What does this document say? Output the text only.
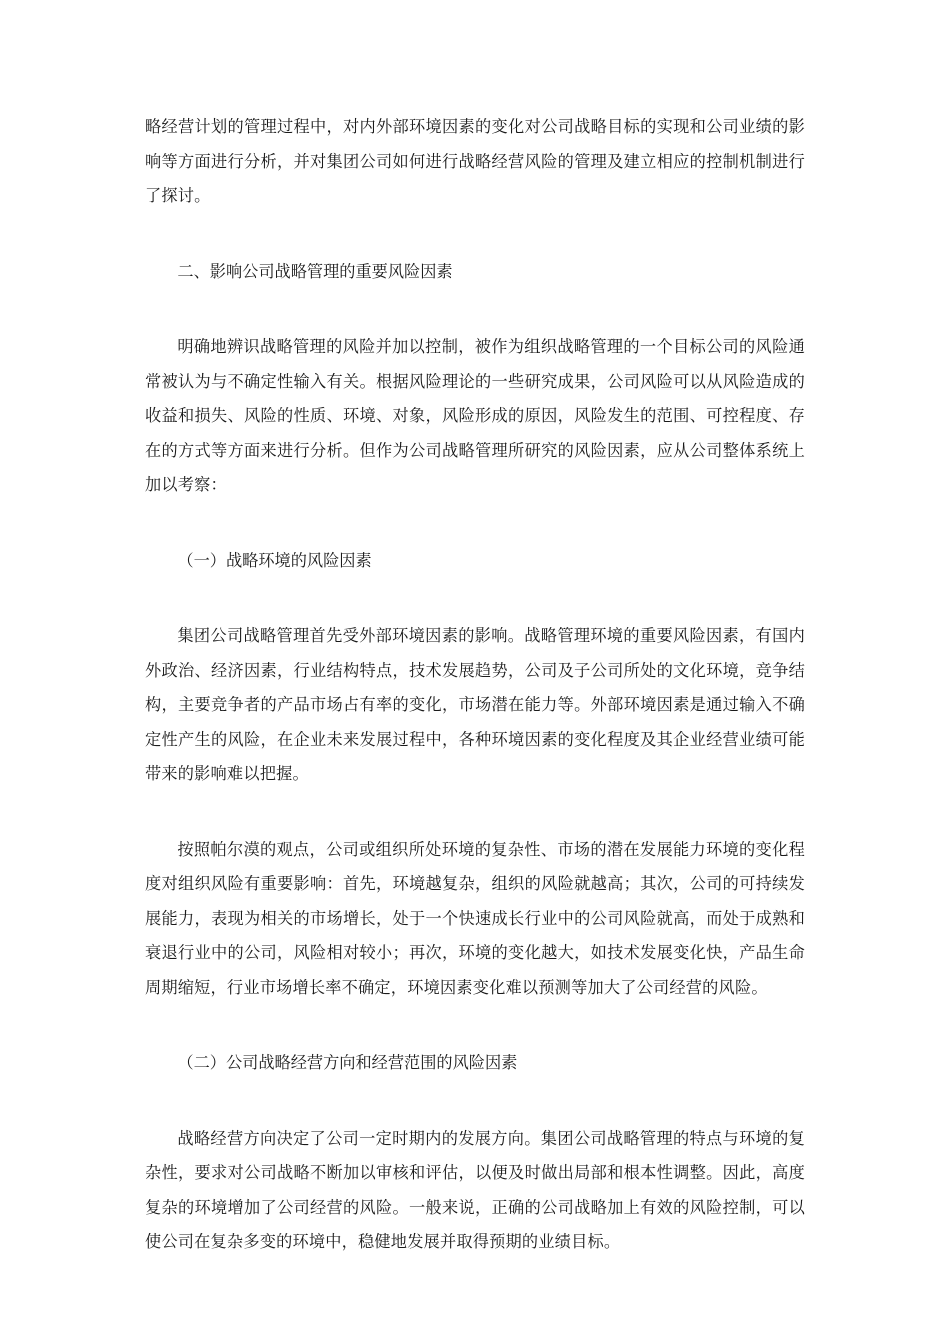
略经营计划的管理过程中，对内外部环境因素的变化对公司战略目标的实现和公司业绩的影响等方面进行分析，并对集团公司如何进行战略经营风险的管理及建立相应的控制机制进行了探讨。

二、影响公司战略管理的重要风险因素

明确地辨识战略管理的风险并加以控制，被作为组织战略管理的一个目标公司的风险通常被认为与不确定性输入有关。根据风险理论的一些研究成果，公司风险可以从风险造成的收益和损失、风险的性质、环境、对象，风险形成的原因，风险发生的范围、可控程度、存在的方式等方面来进行分析。但作为公司战略管理所研究的风险因素，应从公司整体系统上加以考察：

（一）战略环境的风险因素

集团公司战略管理首先受外部环境因素的影响。战略管理环境的重要风险因素，有国内外政治、经济因素，行业结构特点，技术发展趋势，公司及子公司所处的文化环境，竞争结构，主要竞争者的产品市场占有率的变化，市场潜在能力等。外部环境因素是通过输入不确定性产生的风险，在企业未来发展过程中，各种环境因素的变化程度及其企业经营业绩可能带来的影响难以把握。

按照帕尔漠的观点，公司或组织所处环境的复杂性、市场的潜在发展能力环境的变化程度对组织风险有重要影响：首先，环境越复杂，组织的风险就越高；其次，公司的可持续发展能力，表现为相关的市场增长，处于一个快速成长行业中的公司风险就高，而处于成熟和衰退行业中的公司，风险相对较小；再次，环境的变化越大，如技术发展变化快，产品生命周期缩短，行业市场增长率不确定，环境因素变化难以预测等加大了公司经营的风险。

（二）公司战略经营方向和经营范围的风险因素

战略经营方向决定了公司一定时期内的发展方向。集团公司战略管理的特点与环境的复杂性，要求对公司战略不断加以审核和评估，以便及时做出局部和根本性调整。因此，高度复杂的环境增加了公司经营的风险。一般来说，正确的公司战略加上有效的风险控制，可以使公司在复杂多变的环境中，稳健地发展并取得预期的业绩目标。
